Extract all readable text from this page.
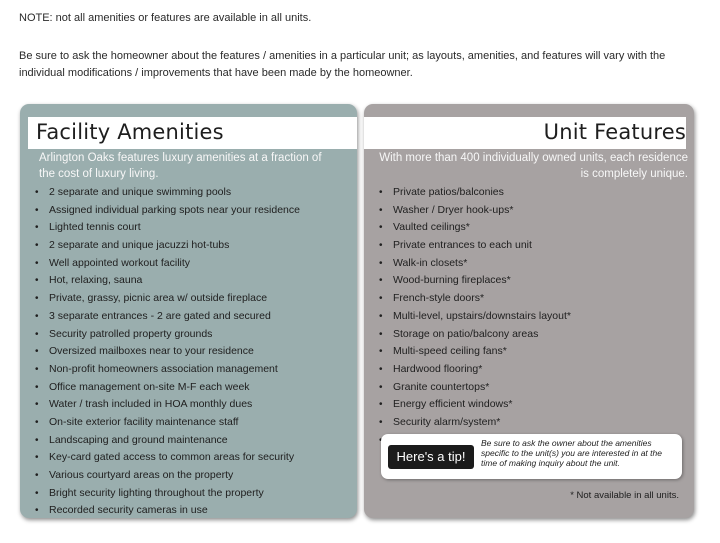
NOTE: not all amenities or features are available in all units.
Be sure to ask the homeowner about the features / amenities in a particular unit; as layouts, amenities, and features will vary with the individual modifications / improvements that have been made by the homeowner.
Facility Amenities
Arlington Oaks features luxury amenities at a fraction of the cost of luxury living.
• 2 separate and unique swimming pools
• Assigned individual parking spots near your residence
• Lighted tennis court
• 2 separate and unique jacuzzi hot-tubs
• Well appointed workout facility
• Hot, relaxing, sauna
• Private, grassy, picnic area w/ outside fireplace
• 3 separate entrances - 2 are gated and secured
• Security patrolled property grounds
• Oversized mailboxes near to your residence
• Non-profit homeowners association management
• Office management on-site M-F each week
• Water / trash included in HOA monthly dues
• On-site exterior facility maintenance staff
• Landscaping and ground maintenance
• Key-card gated access to common areas for security
• Various courtyard areas on the property
• Bright security lighting throughout the property
• Recorded security cameras in use
Unit Features
With more than 400 individually owned units, each residence is completely unique.
• Private patios/balconies
• Washer / Dryer hook-ups*
• Vaulted ceilings*
• Private entrances to each unit
• Walk-in closets*
• Wood-burning fireplaces*
• French-style doors*
• Multi-level, upstairs/downstairs layout*
• Storage on patio/balcony areas
• Multi-speed ceiling fans*
• Hardwood flooring*
• Granite countertops*
• Energy efficient windows*
• Security alarm/system*
•
Here's a tip!
Be sure to ask the owner about the amenities specific to the unit(s) you are interested in at the time of making inquiry about the unit.
* Not available in all units.
